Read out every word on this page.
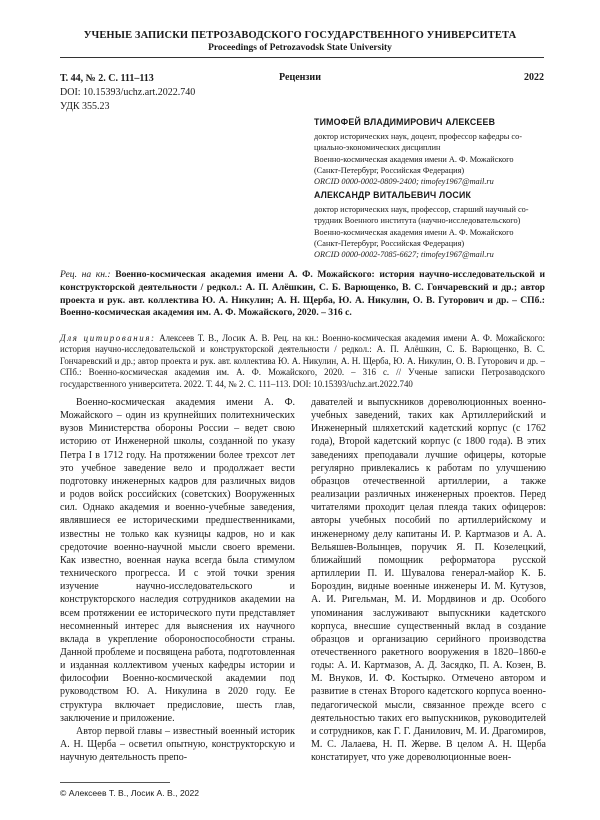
УЧЕНЫЕ ЗАПИСКИ ПЕТРОЗАВОДСКОГО ГОСУДАРСТВЕННОГО УНИВЕРСИТЕТА
Proceedings of Petrozavodsk State University
Т. 44, № 2. С. 111–113	Рецензии	2022
DOI: 10.15393/uchz.art.2022.740
УДК 355.23
ТИМОФЕЙ ВЛАДИМИРОВИЧ АЛЕКСЕЕВ
доктор исторических наук, доцент, профессор кафедры со-
циально-экономических дисциплин
Военно-космическая академия имени А. Ф. Можайского
(Санкт-Петербург, Российская Федерация)
ORCID 0000-0002-0809-2400; timofey1967@mail.ru
АЛЕКСАНДР ВИТАЛЬЕВИЧ ЛОСИК
доктор исторических наук, профессор, старший научный со-
трудник Военного института (научно-исследовательского)
Военно-космическая академия имени А. Ф. Можайского
(Санкт-Петербург, Российская Федерация)
ORCID 0000-0002-7085-6627; timofey1967@mail.ru
Рец. на кн.: Военно-космическая академия имени А. Ф. Можайского: история научно-исследовательской и конструкторской деятельности / редкол.: А. П. Алёшкин, С. Б. Варющенко, В. С. Гончаревский и др.; автор проекта и рук. авт. коллектива Ю. А. Никулин; А. Н. Щерба, Ю. А. Никулин, О. В. Гуторович и др. – СПб.: Военно-космическая академия им. А. Ф. Можайского, 2020. – 316 с.
Для цитирования: Алексеев Т. В., Лосик А. В. Рец. на кн.: Военно-космическая академия имени А. Ф. Можайского: история научно-исследовательской и конструкторской деятельности / редкол.: А. П. Алёшкин, С. Б. Варющенко, В. С. Гончаревский и др.; автор проекта и рук. авт. коллектива Ю. А. Никулин, А. Н. Щерба, Ю. А. Никулин, О. В. Гуторович и др. – СПб.: Военно-космическая академия им. А. Ф. Можайского, 2020. – 316 с. // Ученые записки Петрозаводского государственного университета. 2022. Т. 44, № 2. С. 111–113. DOI: 10.15393/uchz.art.2022.740

Военно-космическая академия имени А. Ф. Можайского – один из крупнейших политехнических вузов Министерства обороны России – ведет свою историю от Инженерной школы, созданной по указу Петра I в 1712 году. На протяжении более трехсот лет это учебное заведение вело и продолжает вести подготовку инженерных кадров для различных видов и родов войск российских (советских) Вооруженных сил. Однако академия и военно-учебные заведения, являвшиеся ее историческими предшественниками, известны не только как кузницы кадров, но и как средоточие военно-научной мысли своего времени. Как известно, военная наука всегда была стимулом технического прогресса. И с этой точки зрения изучение научно-исследовательского и конструкторского наследия сотрудников академии на всем протяжении ее исторического пути представляет несомненный интерес для выяснения их научного вклада в укрепление обороноспособности страны. Данной проблеме и посвящена работа, подготовленная и изданная коллективом ученых кафедры истории и философии Военно-космической академии под руководством Ю. А. Никулина в 2020 году. Ее структура включает предисловие, шесть глав, заключение и приложение.

Автор первой главы – известный военный историк А. Н. Щерба – осветил опытную, конструкторскую и научную деятельность препо-

давателей и выпускников дореволюционных военно-учебных заведений, таких как Артиллерийский и Инженерный шляхетский кадетский корпус (с 1762 года), Второй кадетский корпус (с 1800 года). В этих заведениях преподавали лучшие офицеры, которые регулярно привлекались к работам по улучшению образцов отечественной артиллерии, а также реализации различных инженерных проектов. Перед читателями проходит целая плеяда таких офицеров: авторы учебных пособий по артиллерийскому и инженерному делу капитаны И. Р. Картмазов и А. А. Вельяшев-Волынцев, поручик Я. П. Козелецкий, ближайший помощник реформатора русской артиллерии П. И. Шувалова генерал-майор К. Б. Бороздин, видные военные инженеры И. М. Кутузов, А. И. Ригельман, М. И. Мордвинов и др. Особого упоминания заслуживают выпускники кадетского корпуса, внесшие существенный вклад в создание образцов и организацию серийного производства отечественного ракетного вооружения в 1820–1860-е годы: А. И. Картмазов, А. Д. Засядко, П. А. Козен, В. М. Внуков, И. Ф. Костырко. Отмечено автором и развитие в стенах Второго кадетского корпуса военно-педагогической мысли, связанное прежде всего с деятельностью таких его выпускников, руководителей и сотрудников, как Г. Г. Данилович, М. И. Драгомиров, М. С. Лалаева, Н. П. Жерве. В целом А. Н. Щерба констатирует, что уже дореволюционные воен-

© Алексеев Т. В., Лосик А. В., 2022
